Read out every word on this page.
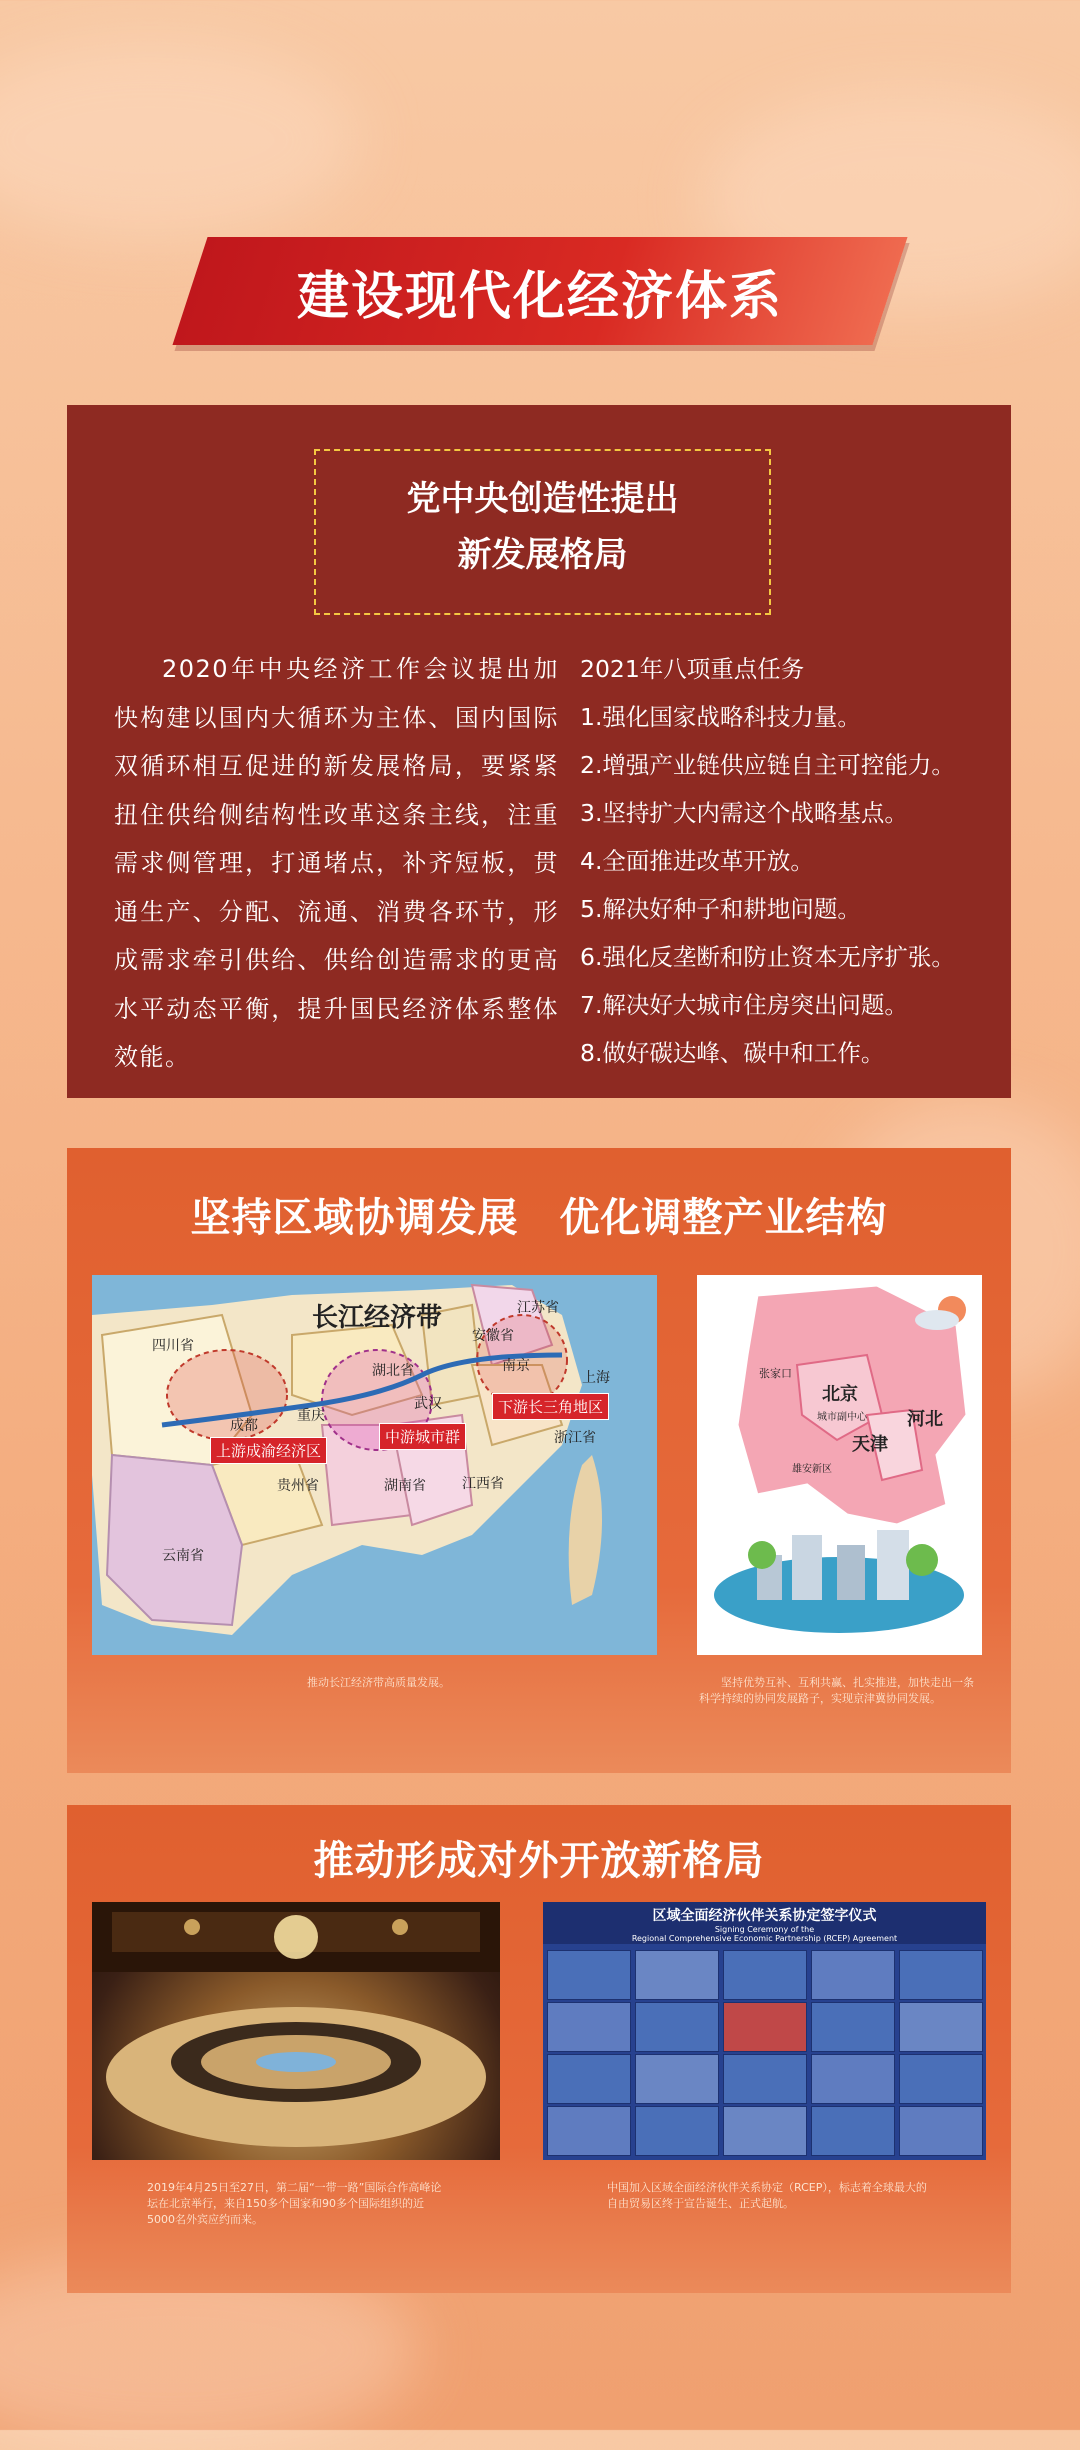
建设现代化经济体系
党中央创造性提出
新发展格局
2020年中央经济工作会议提出加快构建以国内大循环为主体、国内国际双循环相互促进的新发展格局，要紧紧扭住供给侧结构性改革这条主线，注重需求侧管理，打通堵点，补齐短板，贯通生产、分配、流通、消费各环节，形成需求牵引供给、供给创造需求的更高水平动态平衡，提升国民经济体系整体效能。
2021年八项重点任务
1.强化国家战略科技力量。
2.增强产业链供应链自主可控能力。
3.坚持扩大内需这个战略基点。
4.全面推进改革开放。
5.解决好种子和耕地问题。
6.强化反垄断和防止资本无序扩张。
7.解决好大城市住房突出问题。
8.做好碳达峰、碳中和工作。
坚持区域协调发展　优化调整产业结构
长江经济带
四川省
成都
重庆
贵州省
云南省
湖北省
武汉
湖南省	江西省
安徽省
江苏省
南京
上海
浙江省
上游成渝经济区
中游城市群
下游长三角地区
张家口
北京
城市副中心
天津
河北
雄安新区
推动长江经济带高质量发展。	坚持优势互补、互利共赢、扎实推进，加快走出一条科学持续的协同发展路子，实现京津冀协同发展。
推动形成对外开放新格局
区域全面经济伙伴关系协定签字仪式
Signing Ceremony of the
Regional Comprehensive Economic Partnership (RCEP) Agreement
2019年4月25日至27日，第二届“一带一路”国际合作高峰论坛在北京举行，来自150多个国家和90多个国际组织的近5000名外宾应约而来。
中国加入区域全面经济伙伴关系协定（RCEP），标志着全球最大的自由贸易区终于宣告诞生、正式起航。
